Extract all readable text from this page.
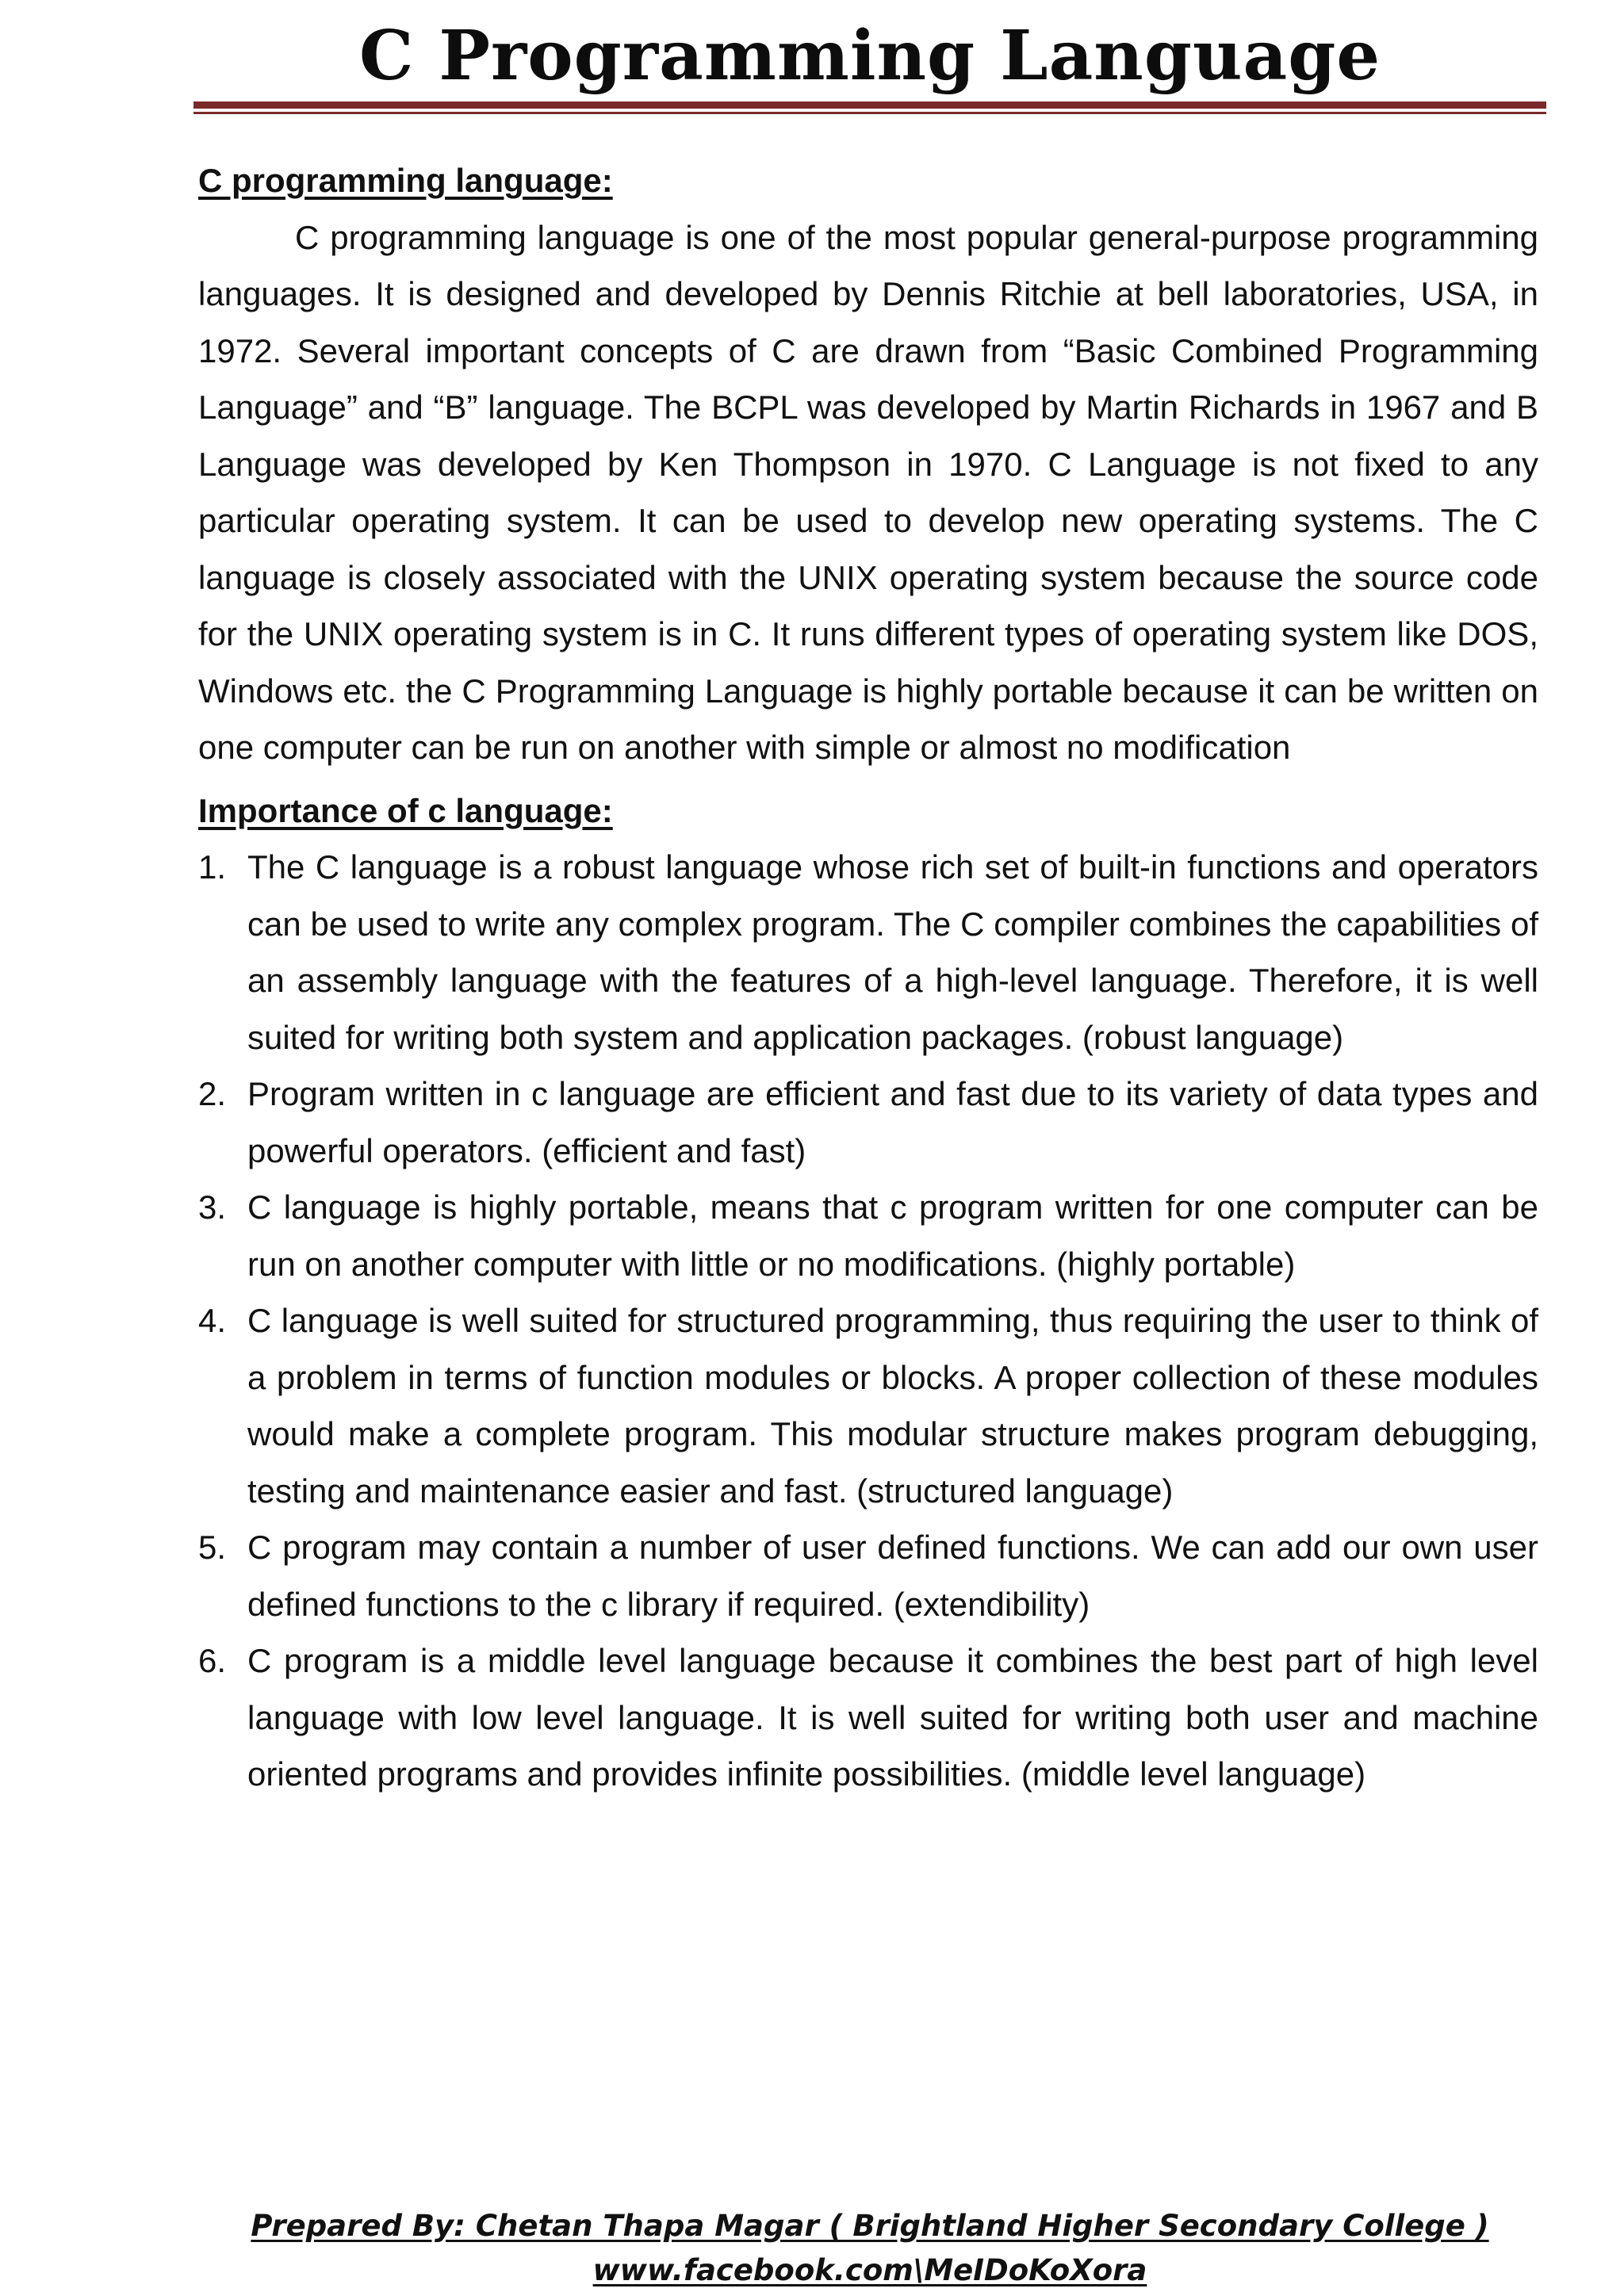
C Programming Language
C programming language:

C programming language is one of the most popular general-purpose programming languages. It is designed and developed by Dennis Ritchie at bell laboratories, USA, in 1972. Several important concepts of C are drawn from “Basic Combined Programming Language” and “B” language. The BCPL was developed by Martin Richards in 1967 and B Language was developed by Ken Thompson in 1970. C Language is not fixed to any particular operating system. It can be used to develop new operating systems. The C language is closely associated with the UNIX operating system because the source code for the UNIX operating system is in C. It runs different types of operating system like DOS, Windows etc. the C Programming Language is highly portable because it can be written on one computer can be run on another with simple or almost no modification

Importance of c language:
1. The C language is a robust language whose rich set of built-in functions and operators can be used to write any complex program. The C compiler combines the capabilities of an assembly language with the features of a high-level language. Therefore, it is well suited for writing both system and application packages. (robust language)
2. Program written in c language are efficient and fast due to its variety of data types and powerful operators. (efficient and fast)
3. C language is highly portable, means that c program written for one computer can be run on another computer with little or no modifications. (highly portable)
4. C language is well suited for structured programming, thus requiring the user to think of a problem in terms of function modules or blocks. A proper collection of these modules would make a complete program. This modular structure makes program debugging, testing and maintenance easier and fast. (structured language)
5. C program may contain a number of user defined functions. We can add our own user defined functions to the c library if required. (extendibility)
6. C program is a middle level language because it combines the best part of high level language with low level language. It is well suited for writing both user and machine oriented programs and provides infinite possibilities. (middle level language)
Prepared By: Chetan Thapa Magar ( Brightland Higher Secondary College )
www.facebook.com\MeIDoKoXora
